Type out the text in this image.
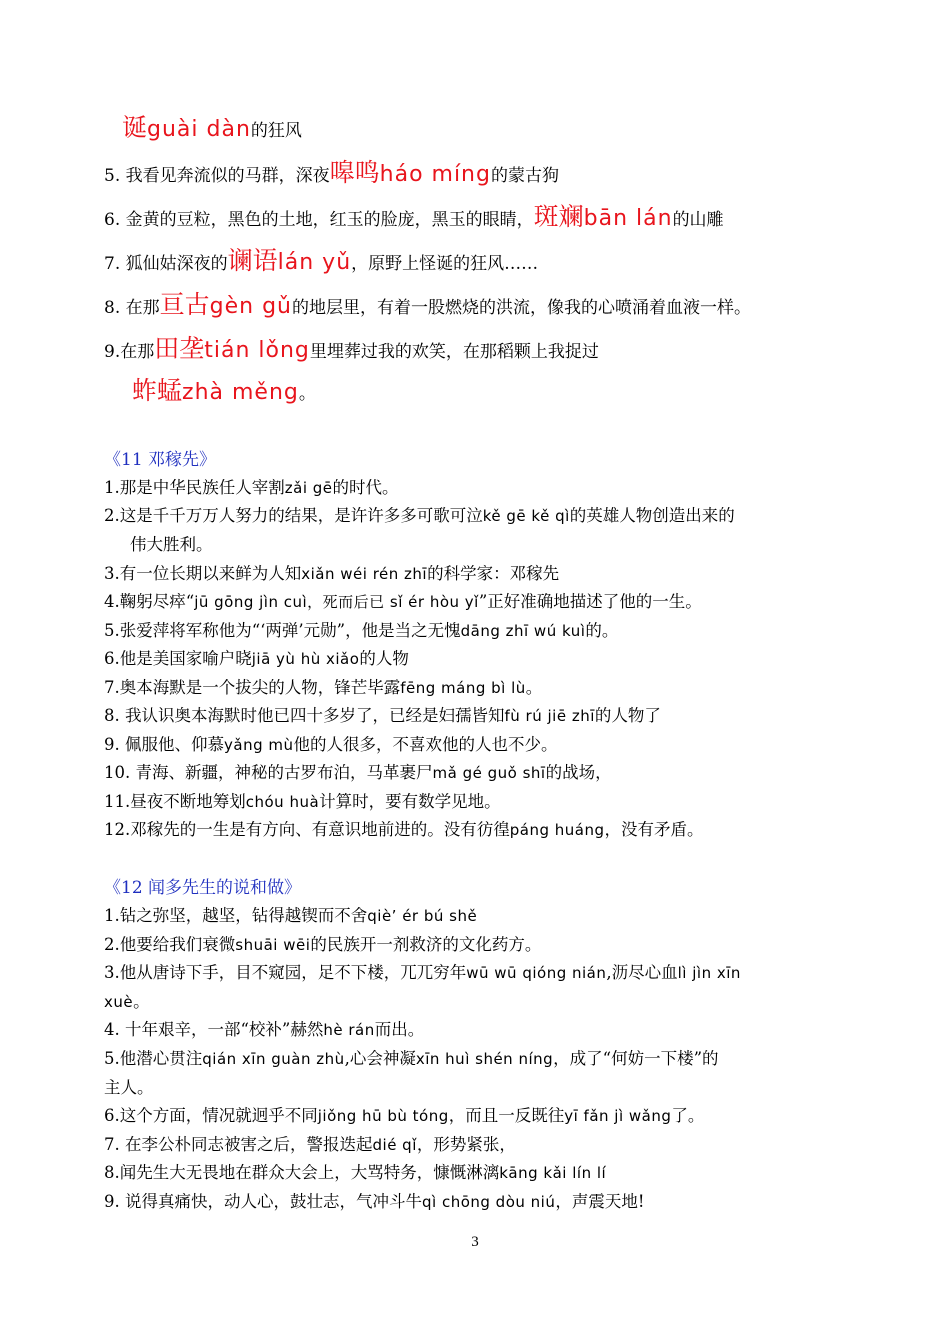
诞guài dàn的狂风
5. 我看见奔流似的马群，深夜嗥鸣háo míng的蒙古狗
6. 金黄的豆粒，黑色的土地，红玉的脸庞，黑玉的眼睛，斑斓bān lán的山雕
7. 狐仙姑深夜的谰语lán yǔ，原野上怪诞的狂风……
8. 在那亘古gèn gǔ的地层里，有着一股燃烧的洪流，像我的心喷涌着血液一样。
9.在那田垄tián lǒng里埋葬过我的欢笑，在那稻颗上我捉过
蚱蜢zhà měng。
《11 邓稼先》
1.那是中华民族任人宰割zǎi gē的时代。
2.这是千千万万人努力的结果，是许许多多可歌可泣kě gē kě qì的英雄人物创造出来的
伟大胜利。
3.有一位长期以来鲜为人知xiǎn wéi rén zhī的科学家：邓稼先
4.鞠躬尽瘁“jū gōng jìn cuì，死而后已 sǐ ér hòu yǐ”正好准确地描述了他的一生。
5.张爱萍将军称他为“‘两弹’元勋”，他是当之无愧dāng zhī wú kuì的。
6.他是美国家喻户晓jiā yù hù xiǎo的人物
7.奥本海默是一个拔尖的人物，锋芒毕露fēng máng bì lù。
8. 我认识奥本海默时他已四十多岁了，已经是妇孺皆知fù rú jiē zhī的人物了
9. 佩服他、仰慕yǎng mù他的人很多，不喜欢他的人也不少。
10. 青海、新疆，神秘的古罗布泊，马革裹尸mǎ gé guǒ shī的战场，
11.昼夜不断地筹划chóu huà计算时，要有数学见地。
12.邓稼先的一生是有方向、有意识地前进的。没有彷徨páng huáng，没有矛盾。
《12 闻多先生的说和做》
1.钻之弥坚，越坚，钻得越锲而不舍qiè’ ér bú shě
2.他要给我们衰微shuāi wēi的民族开一剂救济的文化药方。
3.他从唐诗下手，目不窥园，足不下楼，兀兀穷年wū wū qióng nián,沥尽心血lì jìn xīn
xuè。
4. 十年艰辛，一部“校补”赫然hè rán而出。
5.他潜心贯注qián xīn guàn zhù,心会神凝xīn huì shén níng，成了“何妨一下楼”的
主人。
6.这个方面，情况就迥乎不同jiǒng hū bù tóng，而且一反既往yī fǎn jì wǎng了。
7. 在李公朴同志被害之后，警报迭起dié qǐ，形势紧张，
8.闻先生大无畏地在群众大会上，大骂特务，慷慨淋漓kāng kǎi lín lí
9. 说得真痛快，动人心，鼓壮志，气冲斗牛qì chōng dòu niú，声震天地!
3
